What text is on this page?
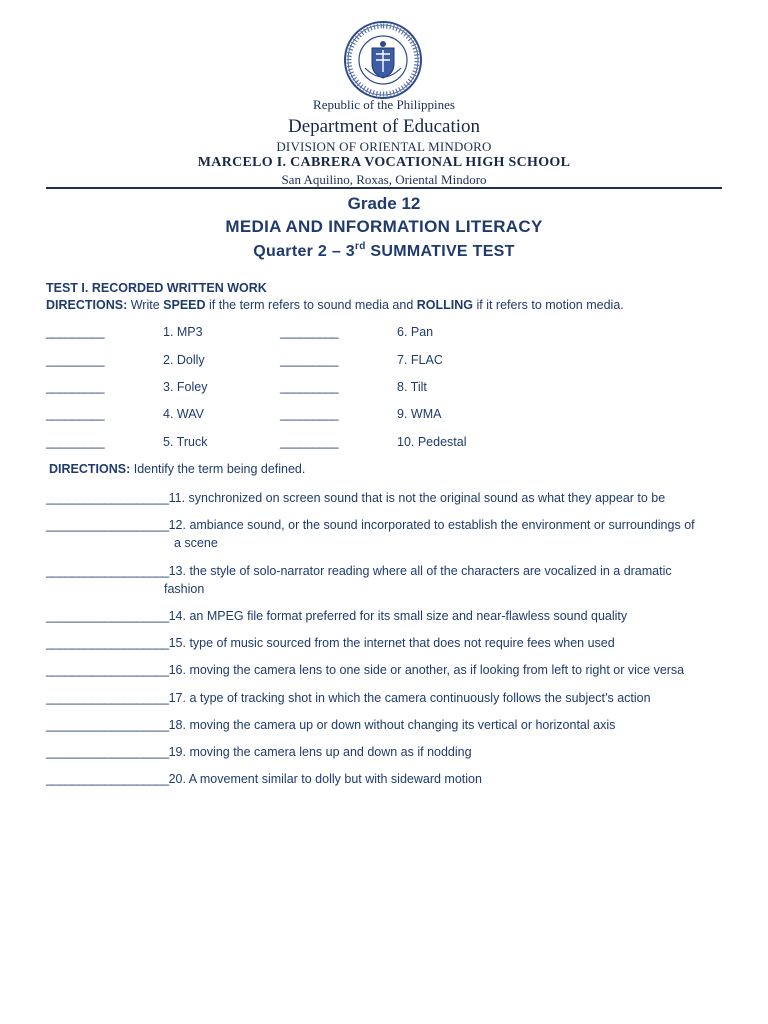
Republic of the Philippines
Department of Education
DIVISION OF ORIENTAL MINDORO
MARCELO I. CABRERA VOCATIONAL HIGH SCHOOL
San Aquilino, Roxas, Oriental Mindoro
Grade 12
MEDIA AND INFORMATION LITERACY
Quarter 2 – 3rd SUMMATIVE TEST
TEST I. RECORDED WRITTEN WORK
DIRECTIONS: Write SPEED if the term refers to sound media and ROLLING if it refers to motion media.
_________	1. MP3	_________	6. Pan
_________	2. Dolly	_________	7. FLAC
_________	3. Foley	_________	8. Tilt
_________	4. WAV	_________	9. WMA
_________	5. Truck	_________	10. Pedestal
DIRECTIONS: Identify the term being defined.
___________________11. synchronized on screen sound that is not the original sound as what they appear to be
___________________12. ambiance sound, or the sound incorporated to establish the environment or surroundings of
a scene
___________________13. the style of solo-narrator reading where all of the characters are vocalized in a dramatic
fashion
___________________14. an MPEG file format preferred for its small size and near-flawless sound quality
___________________15. type of music sourced from the internet that does not require fees when used
___________________16. moving the camera lens to one side or another, as if looking from left to right or vice versa
___________________17. a type of tracking shot in which the camera continuously follows the subject’s action
___________________18. moving the camera up or down without changing its vertical or horizontal axis
___________________19. moving the camera lens up and down as if nodding
___________________20. A movement similar to dolly but with sideward motion
